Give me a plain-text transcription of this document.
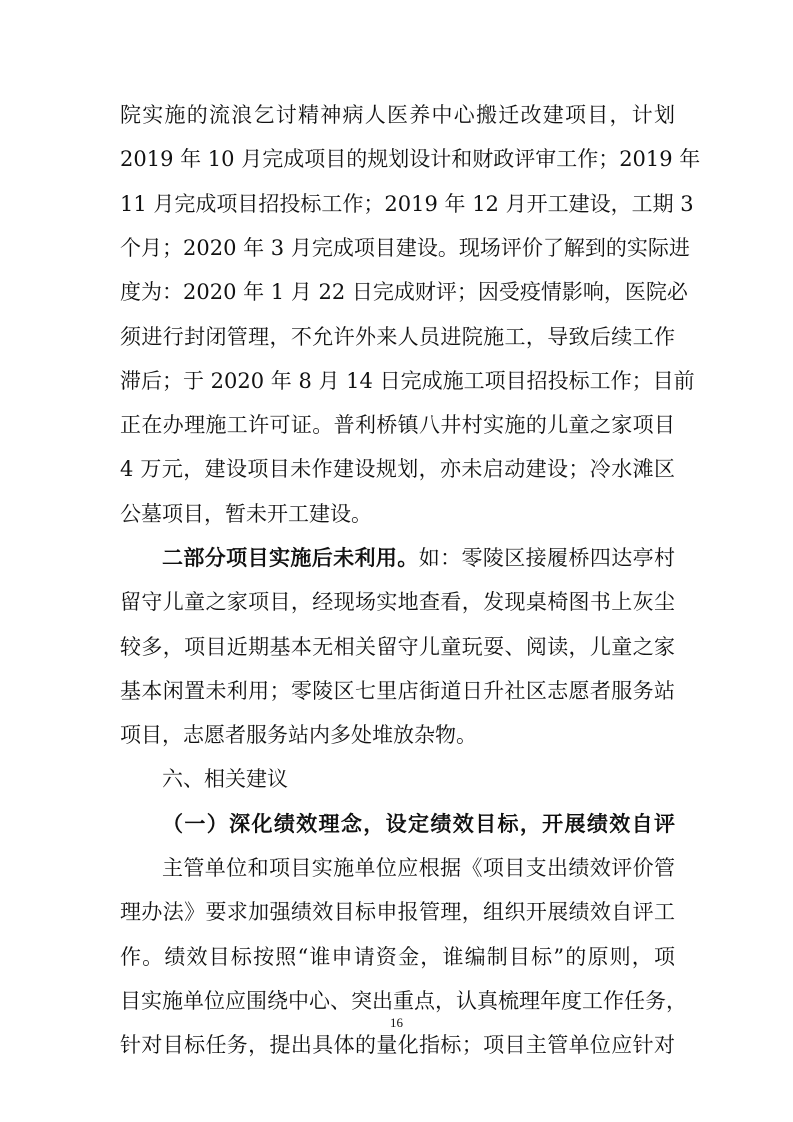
院实施的流浪乞讨精神病人医养中心搬迁改建项目，计划
2019 年 10 月完成项目的规划设计和财政评审工作；2019 年
11 月完成项目招投标工作；2019 年 12 月开工建设，工期 3
个月；2020 年 3 月完成项目建设。现场评价了解到的实际进
度为：2020 年 1 月 22 日完成财评；因受疫情影响，医院必
须进行封闭管理，不允许外来人员进院施工，导致后续工作
滞后；于 2020 年 8 月 14 日完成施工项目招投标工作；目前
正在办理施工许可证。普利桥镇八井村实施的儿童之家项目
4 万元，建设项目未作建设规划，亦未启动建设；冷水滩区
公墓项目，暂未开工建设。
二部分项目实施后未利用。如：零陵区接履桥四达亭村
留守儿童之家项目，经现场实地查看，发现桌椅图书上灰尘
较多，项目近期基本无相关留守儿童玩耍、阅读，儿童之家
基本闲置未利用；零陵区七里店街道日升社区志愿者服务站
项目，志愿者服务站内多处堆放杂物。
六、相关建议
（一）深化绩效理念，设定绩效目标，开展绩效自评
主管单位和项目实施单位应根据《项目支出绩效评价管
理办法》要求加强绩效目标申报管理，组织开展绩效自评工
作。绩效目标按照“谁申请资金，谁编制目标”的原则，项
目实施单位应围绕中心、突出重点，认真梳理年度工作任务，
针对目标任务，提出具体的量化指标；项目主管单位应针对
16
